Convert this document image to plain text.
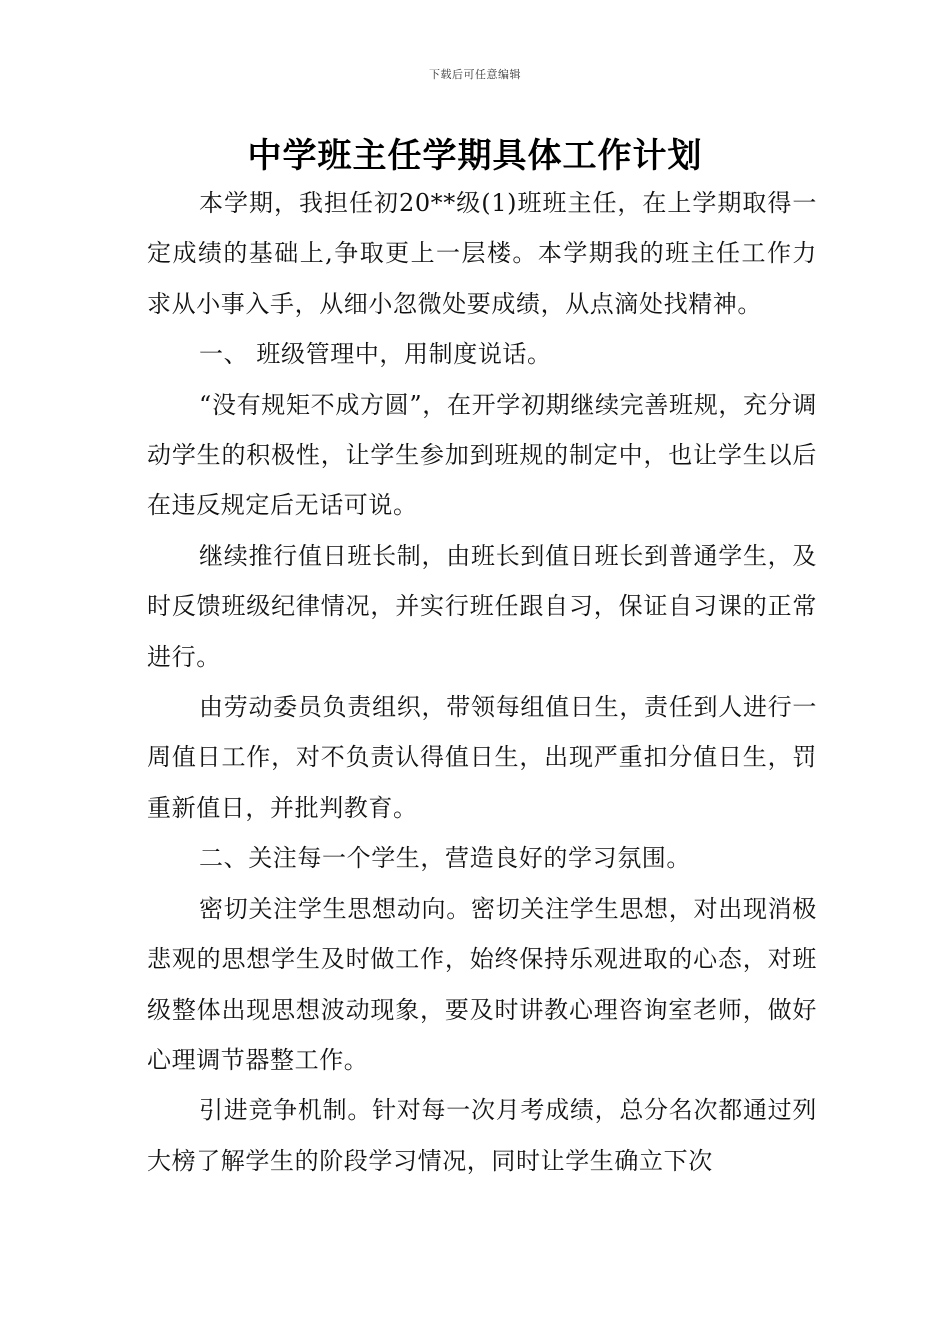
下载后可任意编辑
中学班主任学期具体工作计划

本学期，我担任初20**级(1)班班主任，在上学期取得一定成绩的基础上,争取更上一层楼。本学期我的班主任工作力求从小事入手，从细小忽微处要成绩，从点滴处找精神。

一、 班级管理中，用制度说话。

“没有规矩不成方圆”，在开学初期继续完善班规，充分调动学生的积极性，让学生参加到班规的制定中，也让学生以后在违反规定后无话可说。

继续推行值日班长制，由班长到值日班长到普通学生，及时反馈班级纪律情况，并实行班任跟自习，保证自习课的正常进行。

由劳动委员负责组织，带领每组值日生，责任到人进行一周值日工作，对不负责认得值日生，出现严重扣分值日生，罚重新值日，并批判教育。

二、关注每一个学生，营造良好的学习氛围。

密切关注学生思想动向。密切关注学生思想，对出现消极悲观的思想学生及时做工作，始终保持乐观进取的心态，对班级整体出现思想波动现象，要及时讲教心理咨询室老师，做好心理调节器整工作。

引进竞争机制。针对每一次月考成绩，总分名次都通过列大榜了解学生的阶段学习情况，同时让学生确立下次
